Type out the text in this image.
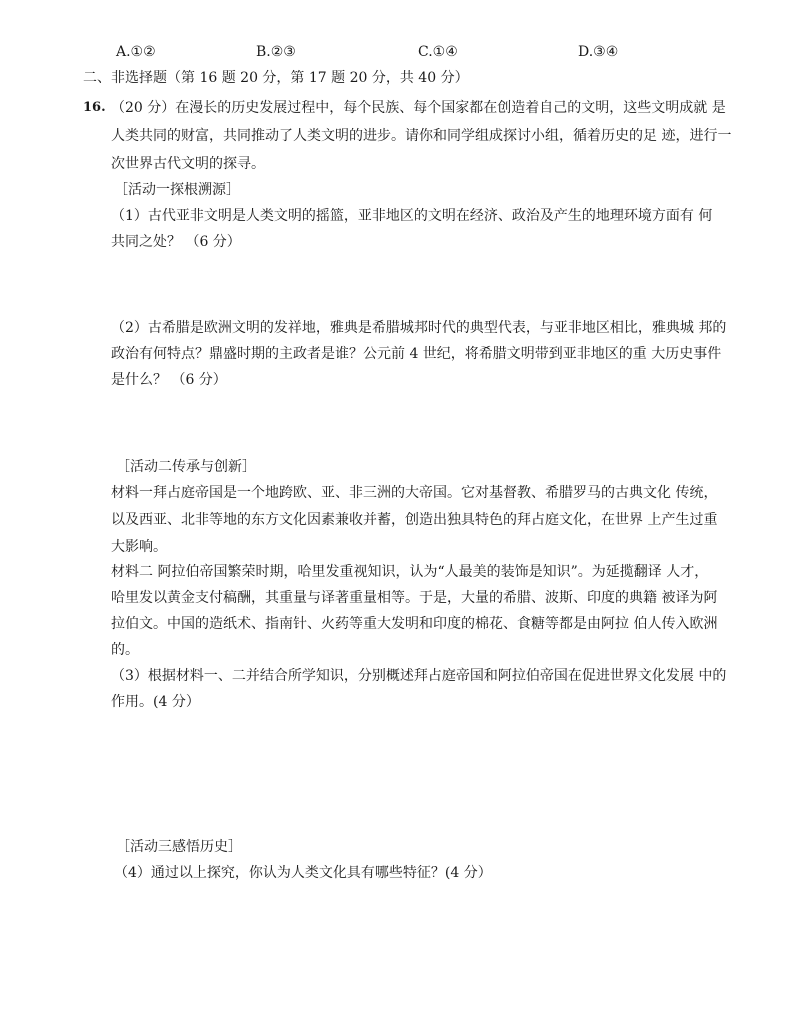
A.①②	B.②③	C.①④	D.③④
二、非选择题（第 16 题 20 分，第 17 题 20 分，共 40 分）
16. （20 分）在漫长的历史发展过程中，每个民族、每个国家都在创造着自己的文明，这些文明成就 是
人类共同的财富，共同推动了人类文明的进步。请你和同学组成探讨小组，循着历史的足 迹，进行一
次世界古代文明的探寻。
［活动一探根溯源］
（1）古代亚非文明是人类文明的摇篮，亚非地区的文明在经济、政治及产生的地理环境方面有 何
共同之处？ （6 分）
（2）古希腊是欧洲文明的发祥地，雅典是希腊城邦时代的典型代表，与亚非地区相比，雅典城 邦的
政治有何特点？鼎盛时期的主政者是谁？公元前 4 世纪，将希腊文明带到亚非地区的重 大历史事件
是什么？ （6 分）
［活动二传承与创新］
材料一拜占庭帝国是一个地跨欧、亚、非三洲的大帝国。它对基督教、希腊罗马的古典文化 传统，
以及西亚、北非等地的东方文化因素兼收并蓄，创造出独具特色的拜占庭文化，在世界 上产生过重
大影响。
材料二 阿拉伯帝国繁荣时期，哈里发重视知识，认为“人最美的装饰是知识”。为延揽翻译 人才，
哈里发以黄金支付稿酬，其重量与译著重量相等。于是，大量的希腊、波斯、印度的典籍 被译为阿
拉伯文。中国的造纸术、指南针、火药等重大发明和印度的棉花、食糖等都是由阿拉 伯人传入欧洲
的。
（3）根据材料一、二并结合所学知识，分别概述拜占庭帝国和阿拉伯帝国在促进世界文化发展 中的
作用。(4 分）
［活动三感悟历史］
（4）通过以上探究，你认为人类文化具有哪些特征？(4 分）
